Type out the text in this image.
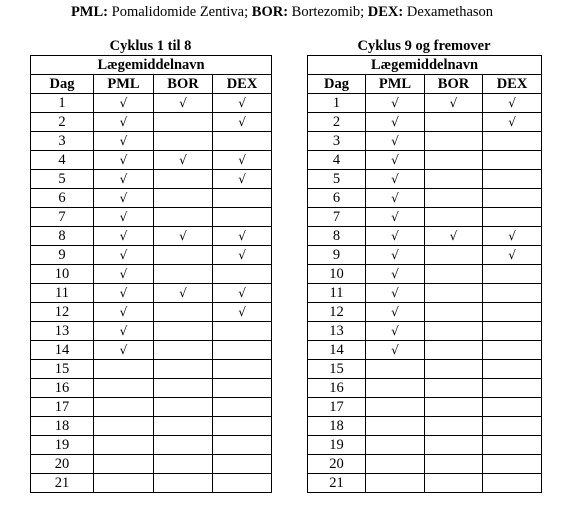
PML: Pomalidomide Zentiva; BOR: Bortezomib; DEX: Dexamethason
Cyklus 1 til 8
Lægemiddelnavn			
Dag	PML	BOR	DEX
1	√	√	√
2	√		√
3	√		
4	√	√	√
5	√		√
6	√		
7	√		
8	√	√	√
9	√		√
10	√		
11	√	√	√
12	√		√
13	√		
14	√		
15			
16			
17			
18			
19			
20			
21			
Cyklus 9 og fremover
Lægemiddelnavn			
Dag	PML	BOR	DEX
1	√	√	√
2	√		√
3	√		
4	√		
5	√		
6	√		
7	√		
8	√	√	√
9	√		√
10	√		
11	√		
12	√		
13	√		
14	√		
15			
16			
17			
18			
19			
20			
21			
